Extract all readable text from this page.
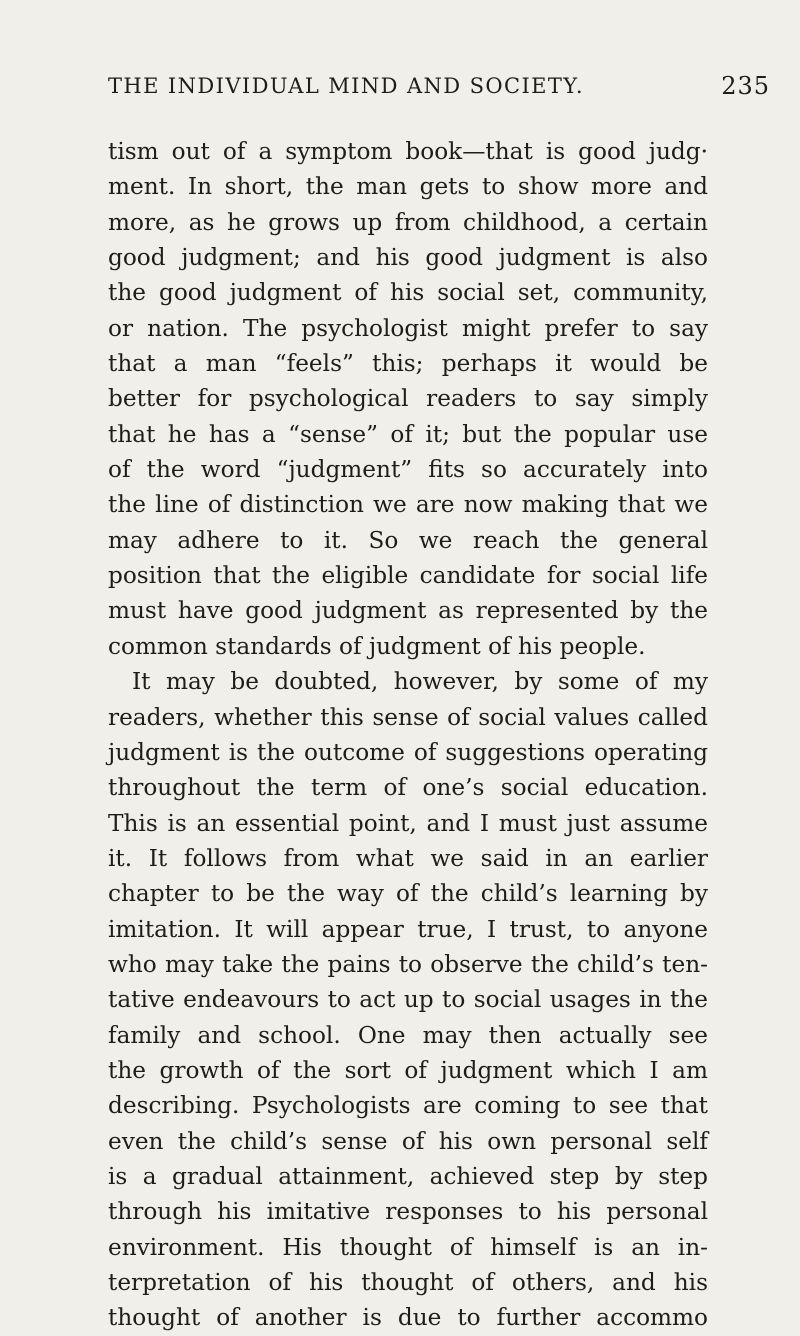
THE INDIVIDUAL MIND AND SOCIETY.	235
tism out of a symptom book—that is good judg·
ment. In short, the man gets to show more and
more, as he grows up from childhood, a certain
good judgment; and his good judgment is also
the good judgment of his social set, community,
or nation. The psychologist might prefer to say
that a man “feels” this; perhaps it would be
better for psychological readers to say simply
that he has a “sense” of it; but the popular use
of the word “judgment” fits so accurately into
the line of distinction we are now making that we
may adhere to it. So we reach the general
position that the eligible candidate for social life
must have good judgment as represented by the
common standards of judgment of his people.
It may be doubted, however, by some of my
readers, whether this sense of social values called
judgment is the outcome of suggestions operating
throughout the term of one’s social education.
This is an essential point, and I must just assume
it. It follows from what we said in an earlier
chapter to be the way of the child’s learning by
imitation. It will appear true, I trust, to anyone
who may take the pains to observe the child’s ten-
tative endeavours to act up to social usages in the
family and school. One may then actually see
the growth of the sort of judgment which I am
describing. Psychologists are coming to see that
even the child’s sense of his own personal self
is a gradual attainment, achieved step by step
through his imitative responses to his personal
environment. His thought of himself is an in-
terpretation of his thought of others, and his
thought of another is due to further accommo
